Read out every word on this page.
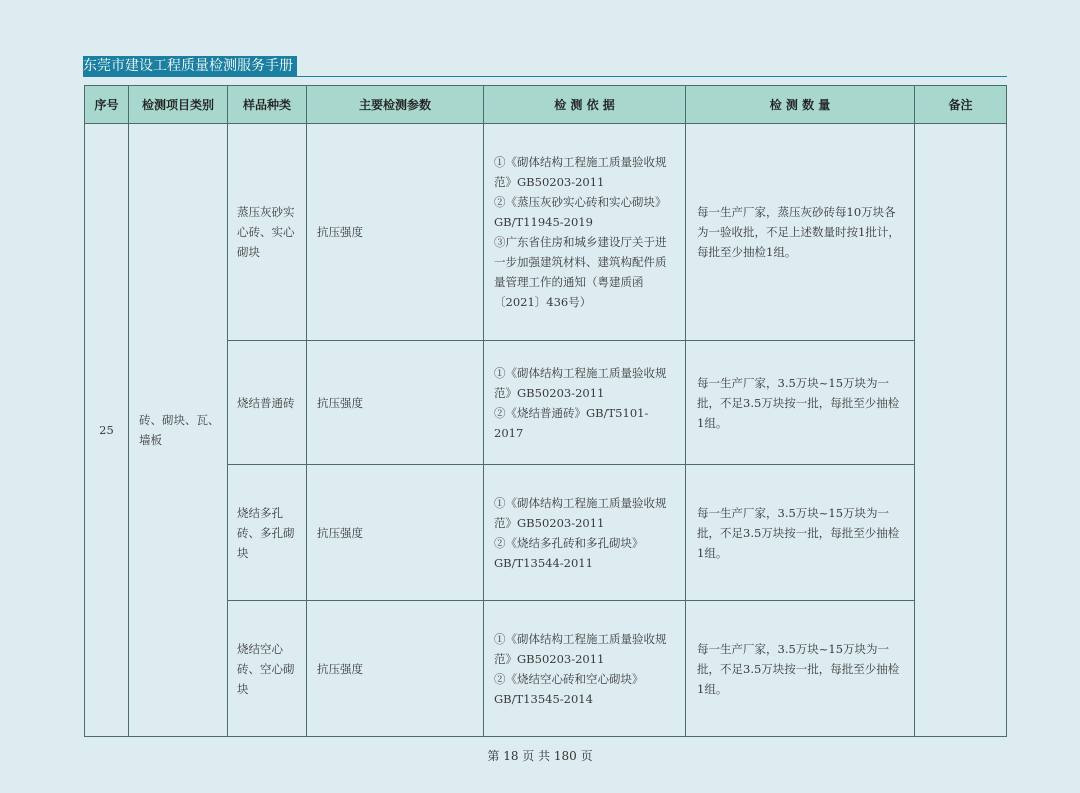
东莞市建设工程质量检测服务手册
序号	检测项目类别	样品种类	主要检测参数	检 测 依 据	检 测 数 量	备注
25	砖、砌块、瓦、墙板	蒸压灰砂实心砖、实心砌块	抗压强度	①《砌体结构工程施工质量验收规范》GB50203-2011
②《蒸压灰砂实心砖和实心砌块》GB/T11945-2019
③广东省住房和城乡建设厅关于进一步加强建筑材料、建筑构配件质量管理工作的通知（粤建质函〔2021〕436号）	每一生产厂家，蒸压灰砂砖每10万块各为一验收批，不足上述数量时按1批计，每批至少抽检1组。	
		烧结普通砖	抗压强度	①《砌体结构工程施工质量验收规范》GB50203-2011
②《烧结普通砖》GB/T5101-2017	每一生产厂家，3.5万块~15万块为一批，不足3.5万块按一批，每批至少抽检1组。	
		烧结多孔砖、多孔砌块	抗压强度	①《砌体结构工程施工质量验收规范》GB50203-2011
②《烧结多孔砖和多孔砌块》GB/T13544-2011	每一生产厂家，3.5万块~15万块为一批，不足3.5万块按一批，每批至少抽检1组。	
		烧结空心砖、空心砌块	抗压强度	①《砌体结构工程施工质量验收规范》GB50203-2011
②《烧结空心砖和空心砌块》GB/T13545-2014	每一生产厂家，3.5万块~15万块为一批，不足3.5万块按一批，每批至少抽检1组。	
第 18 页 共 180 页
